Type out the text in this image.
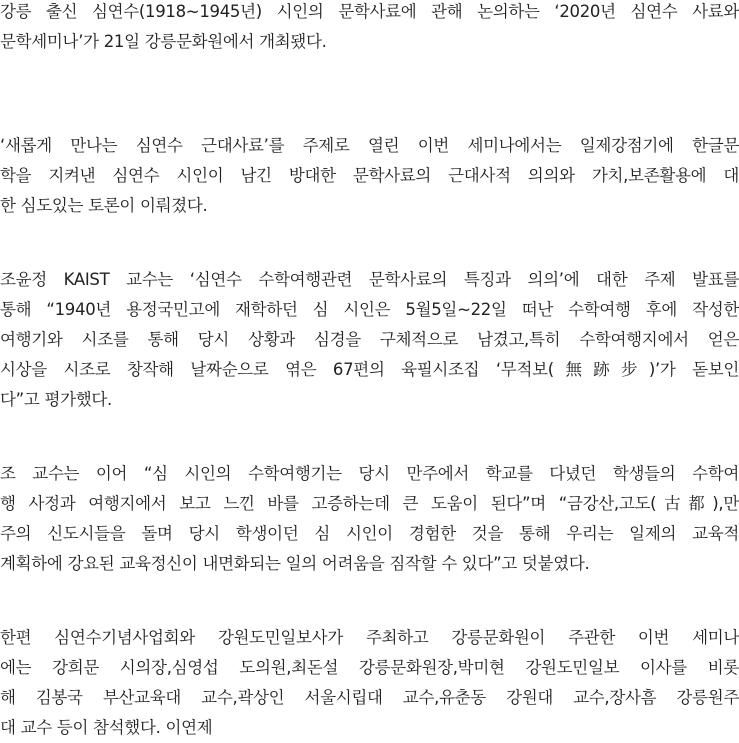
강릉 출신 심연수(1918~1945년) 시인의 문학사료에 관해 논의하는 ‘2020년 심연수 사료와
문학세미나’가 21일 강릉문화원에서 개최됐다.
‘새롭게 만나는 심연수 근대사료’를 주제로 열린 이번 세미나에서는 일제강점기에 한글문
학을 지켜낸 심연수 시인이 남긴 방대한 문학사료의 근대사적 의의와 가치,보존활용에 대
한 심도있는 토론이 이뤄졌다.
조윤정 KAIST 교수는 ‘심연수 수학여행관련 문학사료의 특징과 의의’에 대한 주제 발표를
통해 “1940년 용정국민고에 재학하던 심 시인은 5월5일~22일 떠난 수학여행 후에 작성한
여행기와 시조를 통해 당시 상황과 심경을 구체적으로 남겼고,특히 수학여행지에서 얻은
시상을 시조로 창작해 날짜순으로 엮은 67편의 육필시조집 ‘무적보(無跡步)’가 돋보인
다”고 평가했다.
조 교수는 이어 “심 시인의 수학여행기는 당시 만주에서 학교를 다녔던 학생들의 수학여
행 사정과 여행지에서 보고 느낀 바를 고증하는데 큰 도움이 된다”며 “금강산,고도(古都),만
주의 신도시들을 돌며 당시 학생이던 심 시인이 경험한 것을 통해 우리는 일제의 교육적
계획하에 강요된 교육정신이 내면화되는 일의 어려움을 짐작할 수 있다”고 덧붙였다.
한편 심연수기념사업회와 강원도민일보사가 주최하고 강릉문화원이 주관한 이번 세미나
에는 강희문 시의장,심영섭 도의원,최돈설 강릉문화원장,박미현 강원도민일보 이사를 비롯
해 김봉국 부산교육대 교수,곽상인 서울시립대 교수,유춘동 강원대 교수,장사흠 강릉원주
대 교수 등이 참석했다. 이연제
